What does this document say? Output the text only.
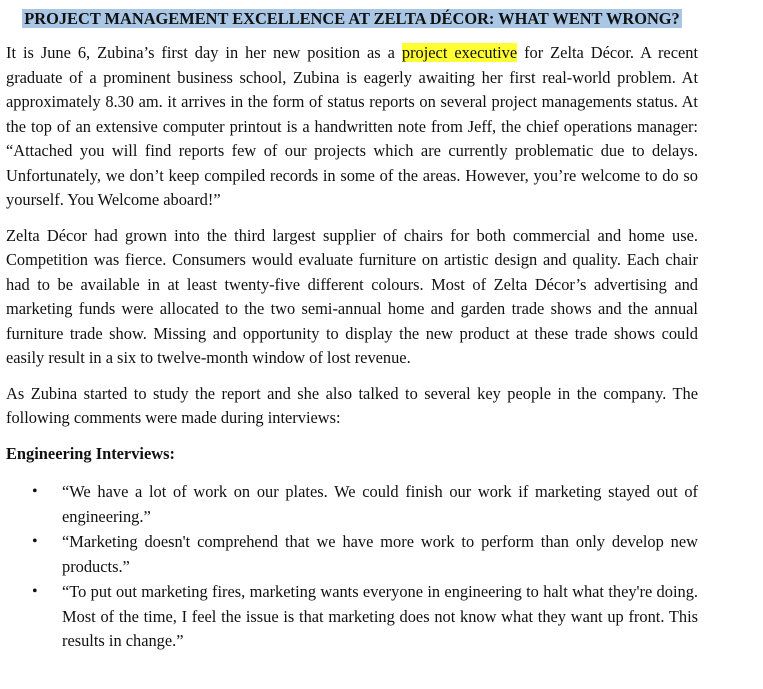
PROJECT MANAGEMENT EXCELLENCE AT ZELTA DÉCOR: WHAT WENT WRONG?

It is June 6, Zubina’s first day in her new position as a project executive for Zelta Décor. A recent graduate of a prominent business school, Zubina is eagerly awaiting her first real-world problem. At approximately 8.30 am. it arrives in the form of status reports on several project managements status. At the top of an extensive computer printout is a handwritten note from Jeff, the chief operations manager: “Attached you will find reports few of our projects which are currently problematic due to delays. Unfortunately, we don’t keep compiled records in some of the areas. However, you’re welcome to do so yourself. You Welcome aboard!”

Zelta Décor had grown into the third largest supplier of chairs for both commercial and home use. Competition was fierce. Consumers would evaluate furniture on artistic design and quality. Each chair had to be available in at least twenty-five different colours. Most of Zelta Décor’s advertising and marketing funds were allocated to the two semi-annual home and garden trade shows and the annual furniture trade show. Missing and opportunity to display the new product at these trade shows could easily result in a six to twelve-month window of lost revenue.

As Zubina started to study the report and she also talked to several key people in the company. The following comments were made during interviews:

Engineering Interviews:
• “We have a lot of work on our plates. We could finish our work if marketing stayed out of engineering.”
• “Marketing doesn't comprehend that we have more work to perform than only develop new products.”
• “To put out marketing fires, marketing wants everyone in engineering to halt what they're doing. Most of the time, I feel the issue is that marketing does not know what they want up front. This results in change.”
